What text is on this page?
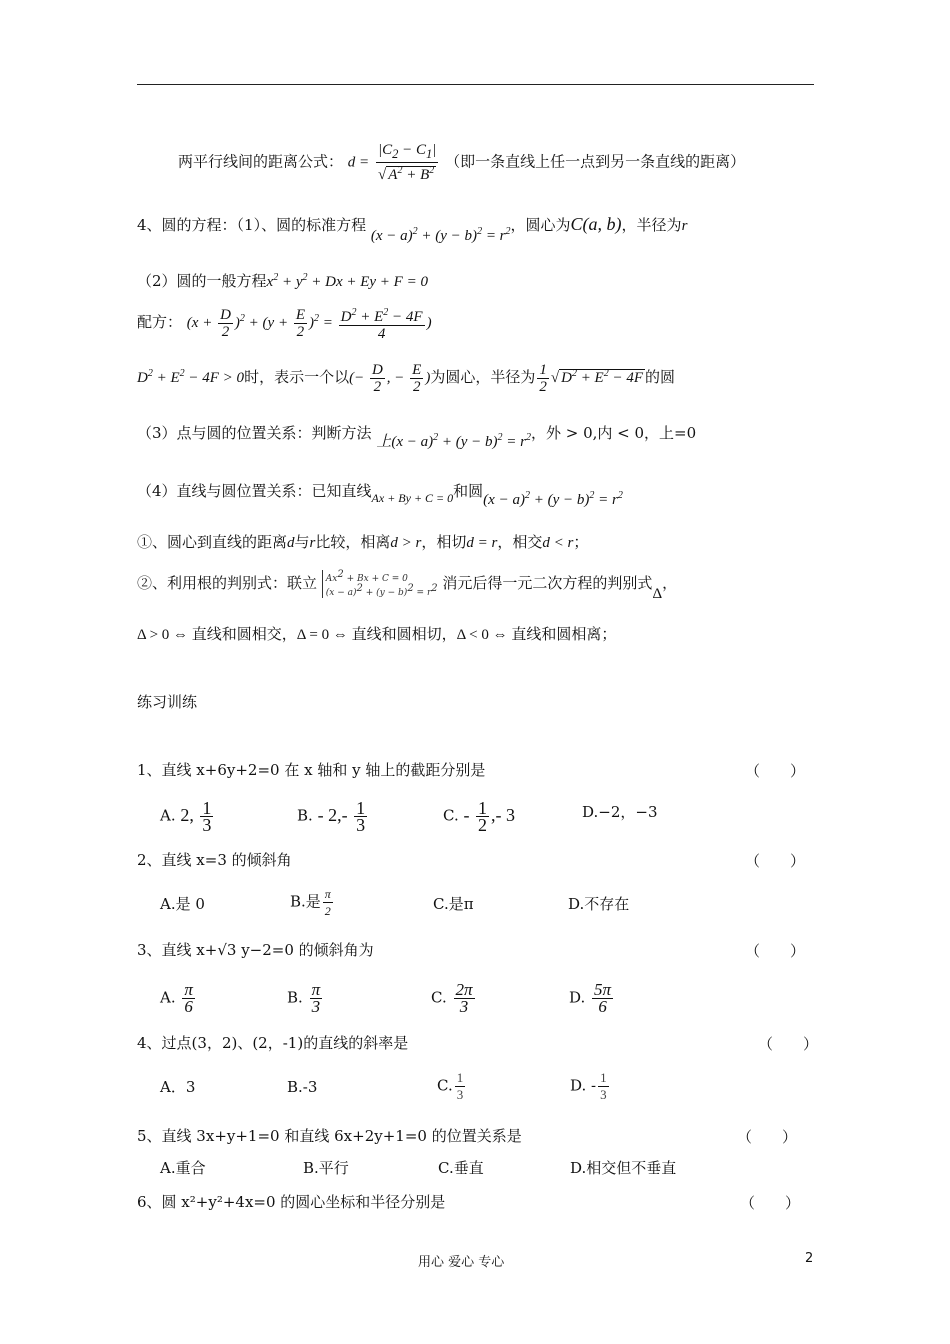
两平行线间的距离公式： $d = \frac{|C_2 - C_1|}{√ A^2 + B^2}$ （即一条直线上任一点到另一条直线的距离）
4、圆的方程：（1）、圆的标准方程 $(x - a)^2 + (y - b)^2 = r^2$，圆心为C(a, b)，半径为r
（2）圆的一般方程$x^2 + y^2 + Dx + Ey + F = 0$
配方： $(x + \frac{D}{2} )^2 + (y + \frac{E}{2} )^2 = \frac{D^2 + E^2 - 4F}{4}$ )
$D^2 + E^2 - 4F > 0$时，表示一个以(− $\frac{D}{2}$ , − $\frac{E}{2}$ )为圆心，半径为 $\frac{1}{2}$ √ $D^2 + E^2 - 4F$ 的圆
（3）点与圆的位置关系：判断方法 上$(x - a)^2 + (y - b)^2 = r^2$，外 > 0,内 < 0，上=0
（4）直线与圆位置关系：已知直线$_{Ax + By + C = 0}$和圆$(x - a)^2 + (y - b)^2 = r^2$
①、圆心到直线的距离d与r比较，相离d > r，相切d = r，相交d < r；
②、利用根的判别式：联立 $Ax^2 + Bx + C = 0$
$(x - a)^2 + (y - b)^2 = r^2$ 消元后得一元二次方程的判别式Δ，
Δ > 0 ⇔ 直线和圆相交，Δ = 0 ⇔ 直线和圆相切，Δ < 0 ⇔ 直线和圆相离；
练习训练
1、直线 x+6y+2=0 在 x 轴和 y 轴上的截距分别是	（　　）
A. 2, $\frac{1}{3}$	B. - $2,- \frac{1}{3}$	C. - $\frac{1}{2}$ ,- 3	D.−2，−3
2、直线 x=3 的倾斜角	（　　）
A.是 0	B.是 $\frac{\pi}{2}$	C.是π	D.不存在
3、直线 x+√3 y−2=0 的倾斜角为	（　　）
A. $\frac{\pi}{6}$	B. $\frac{\pi}{3}$	C. $\frac{2\pi}{3}$	D. $\frac{5\pi}{6}$
4、过点(3，2)、(2，-1)的直线的斜率是	（　　）
A．3	B.-3	C. $\frac{1}{3}$	D. - $\frac{1}{3}$
5、直线 3x+y+1=0 和直线 6x+2y+1=0 的位置关系是	（　　）
A.重合	B.平行	C.垂直	D.相交但不垂直
6、圆 x²+y²+4x=0 的圆心坐标和半径分别是	（　　）
用心 爱心 专心	2
